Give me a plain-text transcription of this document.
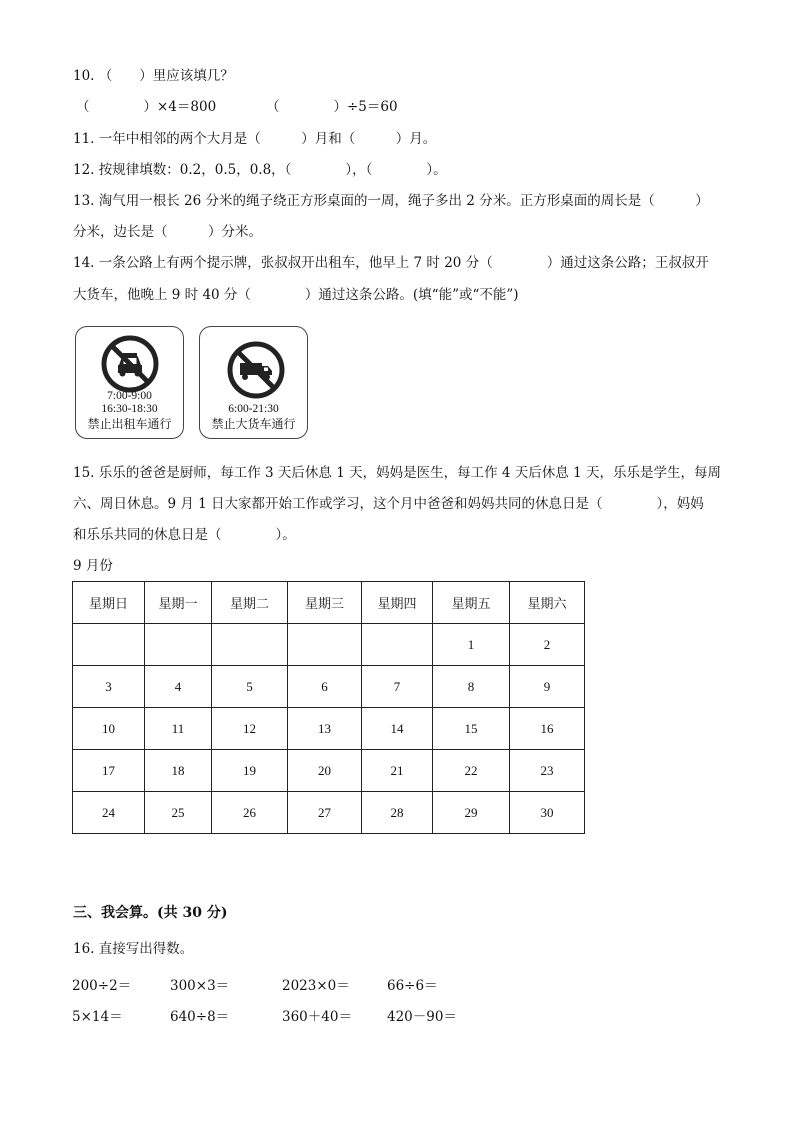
10. （　　）里应该填几？
（　　　　）×4＝800	（　　　　）÷5＝60
11. 一年中相邻的两个大月是（　　　）月和（　　　）月。
12. 按规律填数：0.2，0.5，0.8，（　　　　），（　　　　）。
13. 淘气用一根长 26 分米的绳子绕正方形桌面的一周，绳子多出 2 分米。正方形桌面的周长是（　　　）
分米，边长是（　　　）分米。
14. 一条公路上有两个提示牌，张叔叔开出租车，他早上 7 时 20 分（　　　　）通过这条公路；王叔叔开
大货车，他晚上 9 时 40 分（　　　　）通过这条公路。(填“能”或“不能”)
7:00-9:00
16:30-18:30
禁止出租车通行
6:00-21:30
禁止大货车通行
15. 乐乐的爸爸是厨师，每工作 3 天后休息 1 天，妈妈是医生，每工作 4 天后休息 1 天，乐乐是学生，每周
六、周日休息。9 月 1 日大家都开始工作或学习，这个月中爸爸和妈妈共同的休息日是（　　　　），妈妈
和乐乐共同的休息日是（　　　　）。
9 月份
星期日	星期一	星期二	星期三	星期四	星期五	星期六
					1	2
3	4	5	6	7	8	9
10	11	12	13	14	15	16
17	18	19	20	21	22	23
24	25	26	27	28	29	30
三、我会算。(共 30 分)
16. 直接写出得数。
200÷2＝	300×3＝	2023×0＝	66÷6＝
5×14＝	640÷8＝	360＋40＝	420－90＝
